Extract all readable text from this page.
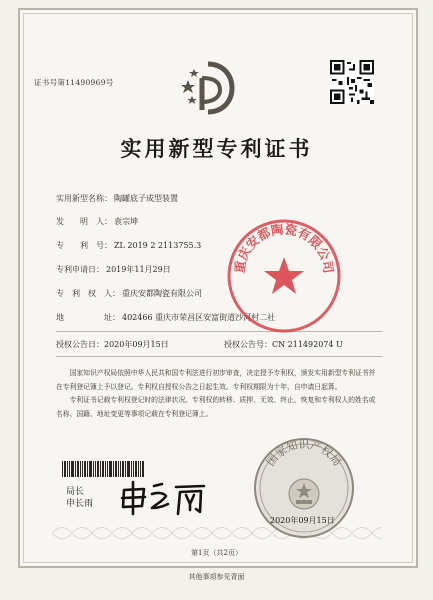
证书号第11490969号
实用新型专利证书
实用新型名称： 陶罐底子成型装置
发　　明　人： 袁宗坤
专　　利　号： ZL 2019 2 2113755.3
专利申请日： 2019年11月29日
专　利　权　人： 重庆安都陶瓷有限公司
地　　　　　址： 402466 重庆市荣昌区安富街道沙河村二社
授权公告日：2020年09月15日	授权公告号：CN 211492074 U

国家知识产权局依照中华人民共和国专利法进行初步审查，决定授予专利权，颁发实用新型专利证书并在专利登记簿上予以登记。专利权自授权公告之日起生效。专利权期限为十年，自申请日起算。

专利证书记载专利权登记时的法律状况。专利权的转移、质押、无效、终止、恢复和专利权人的姓名或名称、国籍、地址变更等事项记载在专利登记簿上。

局长
申长雨
重庆安都陶瓷有限公司
国家知识产权局
2020年09月15日
第1页（共2页）
其他事项参见背面
